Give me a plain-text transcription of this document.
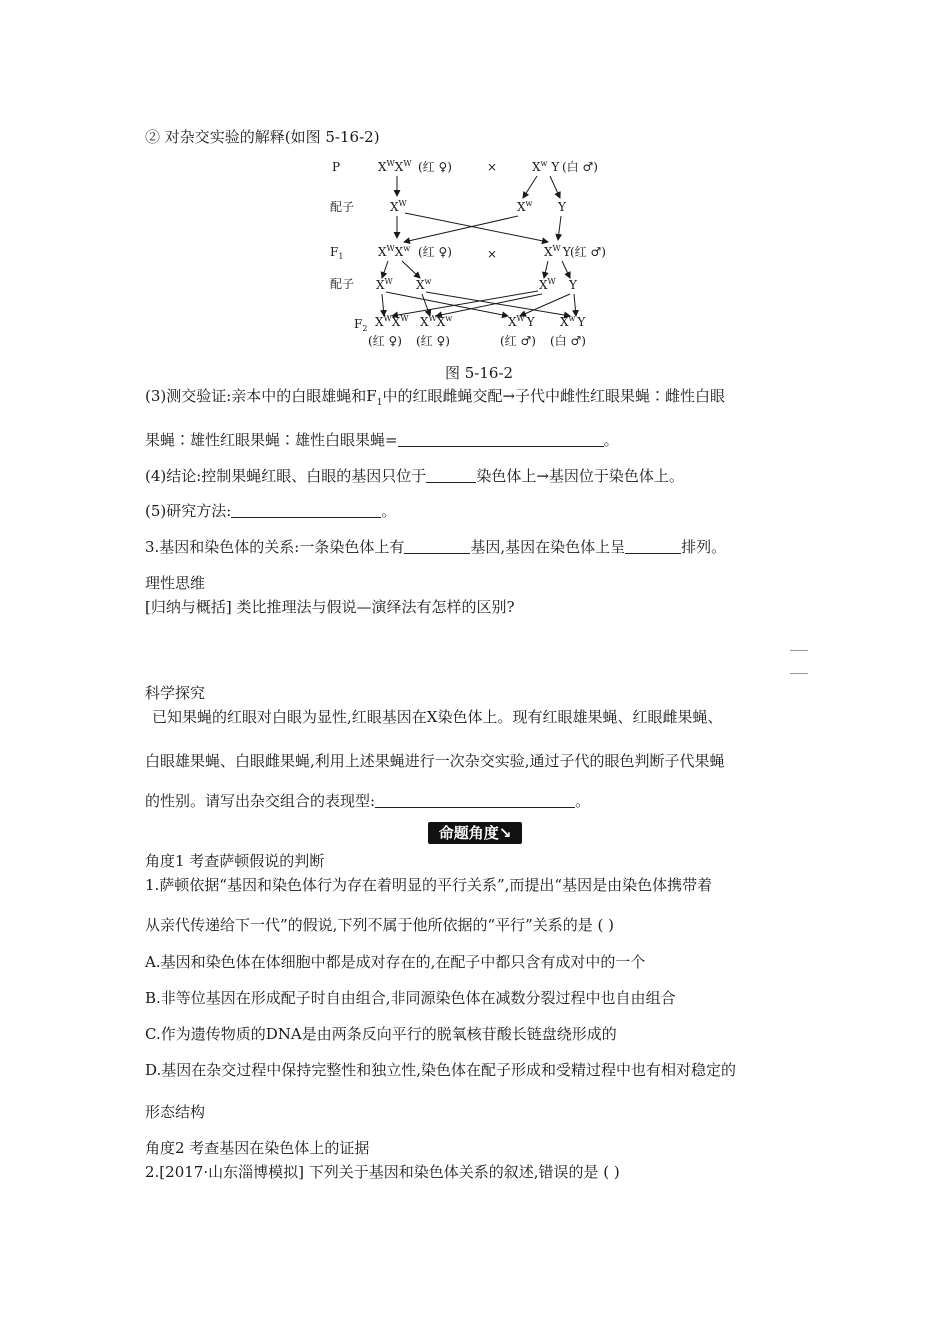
② 对杂交实验的解释(如图 5-16-2)
P	$X^WX^W$ (红 ♀)	×	$X^w$ Y (白 ♂)
配子	$X^W$	$X^w$ Y
$F_1$	$X^WX^w$ (红 ♀)	×	$X^W$ Y (红 ♂)
配子 $X^W$ $X^w$	$X^W$ Y
$F_2$ $X^WX^W$ $X^WX^w$	$X^W$ Y $X^w$ Y
(红 ♀) (红 ♀)	(红 ♂) (白 ♂)
图 5-16-2
(3)测交验证:亲本中的白眼雄蝇和$F_1$中的红眼雌蝇交配→子代中雌性红眼果蝇∶雌性白眼
果蝇∶雄性红眼果蝇∶雄性白眼果蝇=	。
(4)结论:控制果蝇红眼、白眼的基因只位于	染色体上→基因位于染色体上。
(5)研究方法:	。
3.基因和染色体的关系:一条染色体上有	基因,基因在染色体上呈	排列。
理性思维
[归纳与概括] 类比推理法与假说—演绎法有怎样的区别?
科学探究
已知果蝇的红眼对白眼为显性,红眼基因在X染色体上。现有红眼雄果蝇、红眼雌果蝇、
白眼雄果蝇、白眼雌果蝇,利用上述果蝇进行一次杂交实验,通过子代的眼色判断子代果蝇
的性别。请写出杂交组合的表现型:	。
命题角度↘
角度1 考查萨顿假说的判断
1.萨顿依据“基因和染色体行为存在着明显的平行关系”,而提出“基因是由染色体携带着
从亲代传递给下一代”的假说,下列不属于他所依据的“平行”关系的是 ( )
A.基因和染色体在体细胞中都是成对存在的,在配子中都只含有成对中的一个
B.非等位基因在形成配子时自由组合,非同源染色体在减数分裂过程中也自由组合
C.作为遗传物质的DNA是由两条反向平行的脱氧核苷酸长链盘绕形成的
D.基因在杂交过程中保持完整性和独立性,染色体在配子形成和受精过程中也有相对稳定的
形态结构
角度2 考查基因在染色体上的证据
2.[2017·山东淄博模拟] 下列关于基因和染色体关系的叙述,错误的是 ( )
